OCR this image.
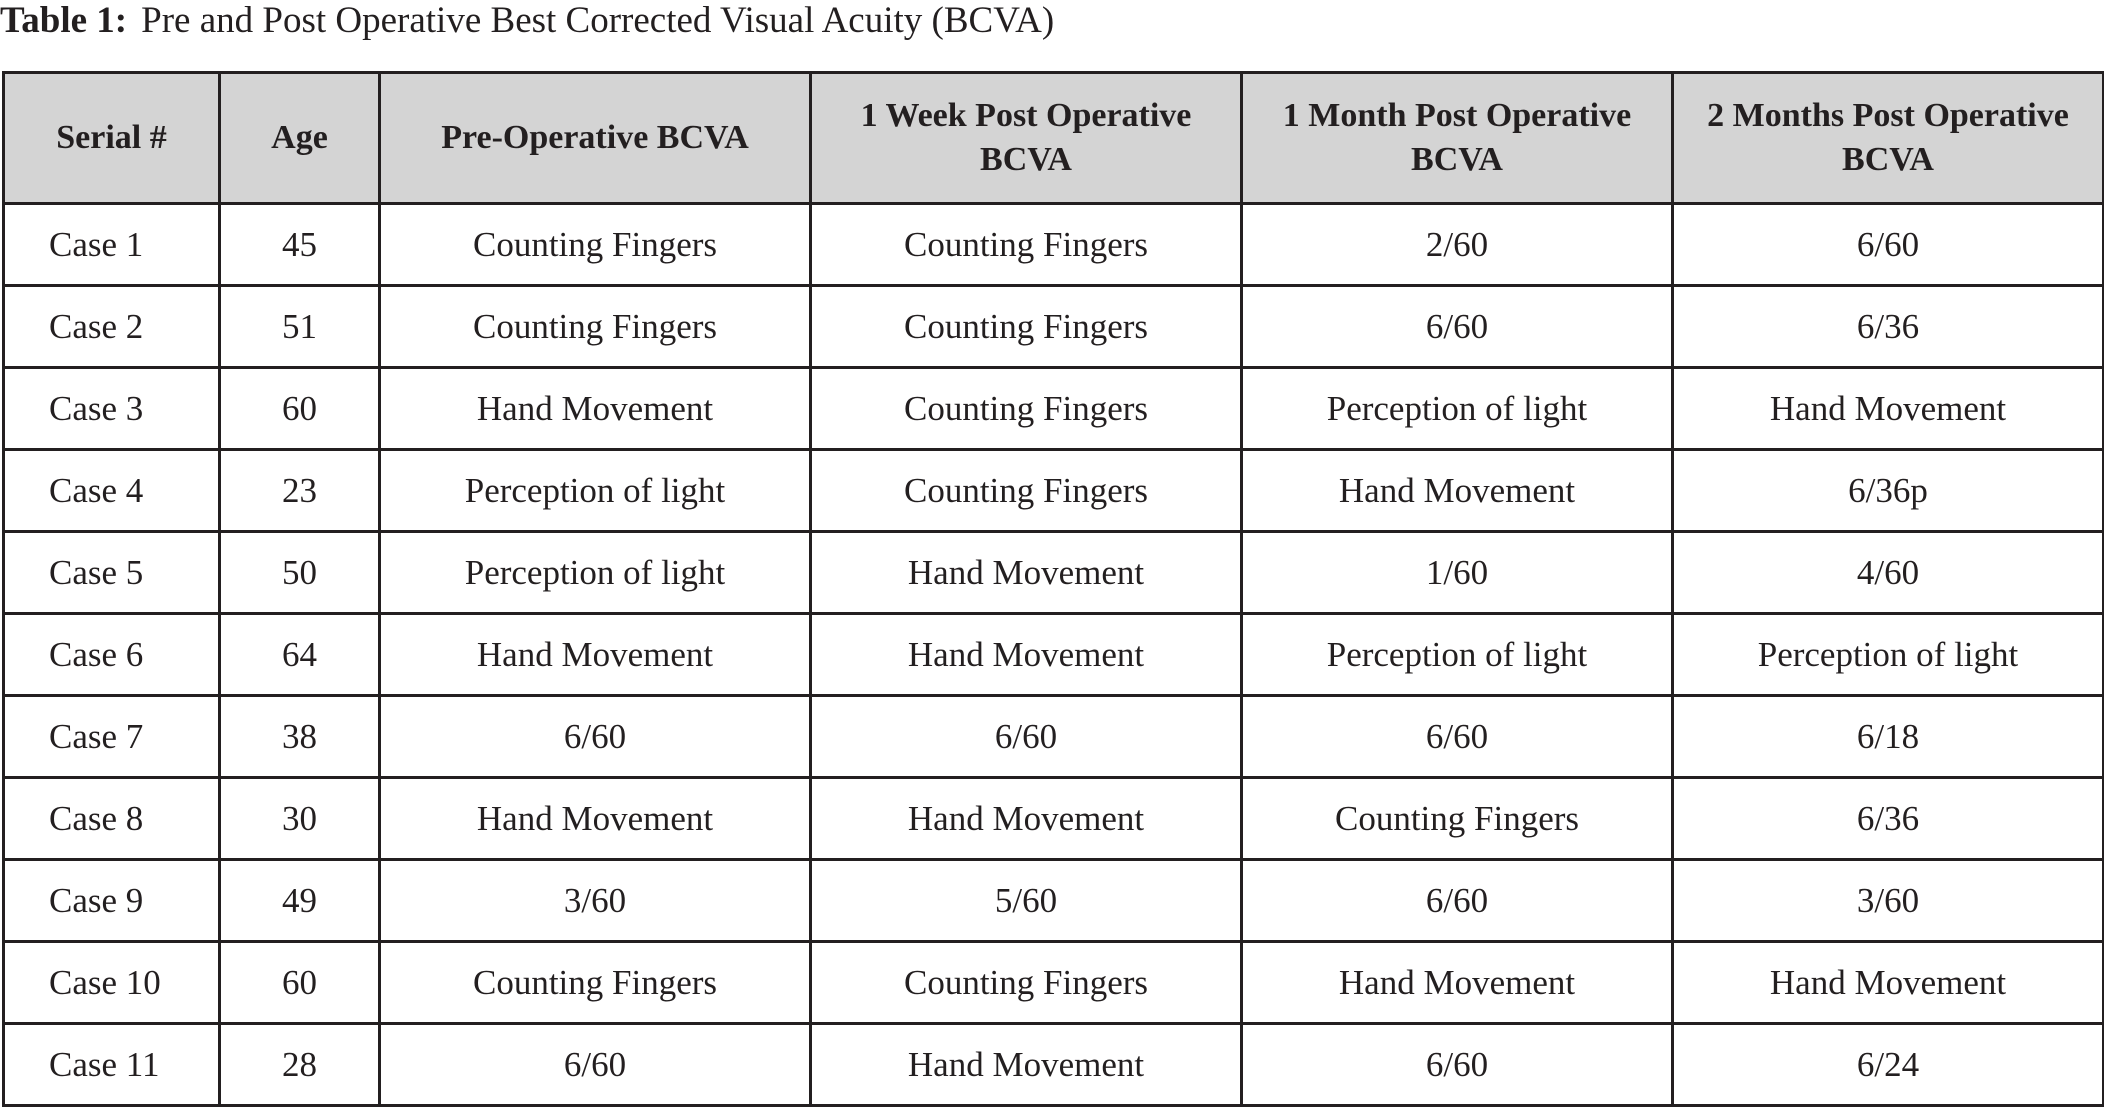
Table 1: Pre and Post Operative Best Corrected Visual Acuity (BCVA)
Serial #	Age	Pre-Operative BCVA	1 Week Post Operative BCVA	1 Month Post Operative BCVA	2 Months Post Operative BCVA
Case 1	45	Counting Fingers	Counting Fingers	2/60	6/60
Case 2	51	Counting Fingers	Counting Fingers	6/60	6/36
Case 3	60	Hand Movement	Counting Fingers	Perception of light	Hand Movement
Case 4	23	Perception of light	Counting Fingers	Hand Movement	6/36p
Case 5	50	Perception of light	Hand Movement	1/60	4/60
Case 6	64	Hand Movement	Hand Movement	Perception of light	Perception of light
Case 7	38	6/60	6/60	6/60	6/18
Case 8	30	Hand Movement	Hand Movement	Counting Fingers	6/36
Case 9	49	3/60	5/60	6/60	3/60
Case 10	60	Counting Fingers	Counting Fingers	Hand Movement	Hand Movement
Case 11	28	6/60	Hand Movement	6/60	6/24
